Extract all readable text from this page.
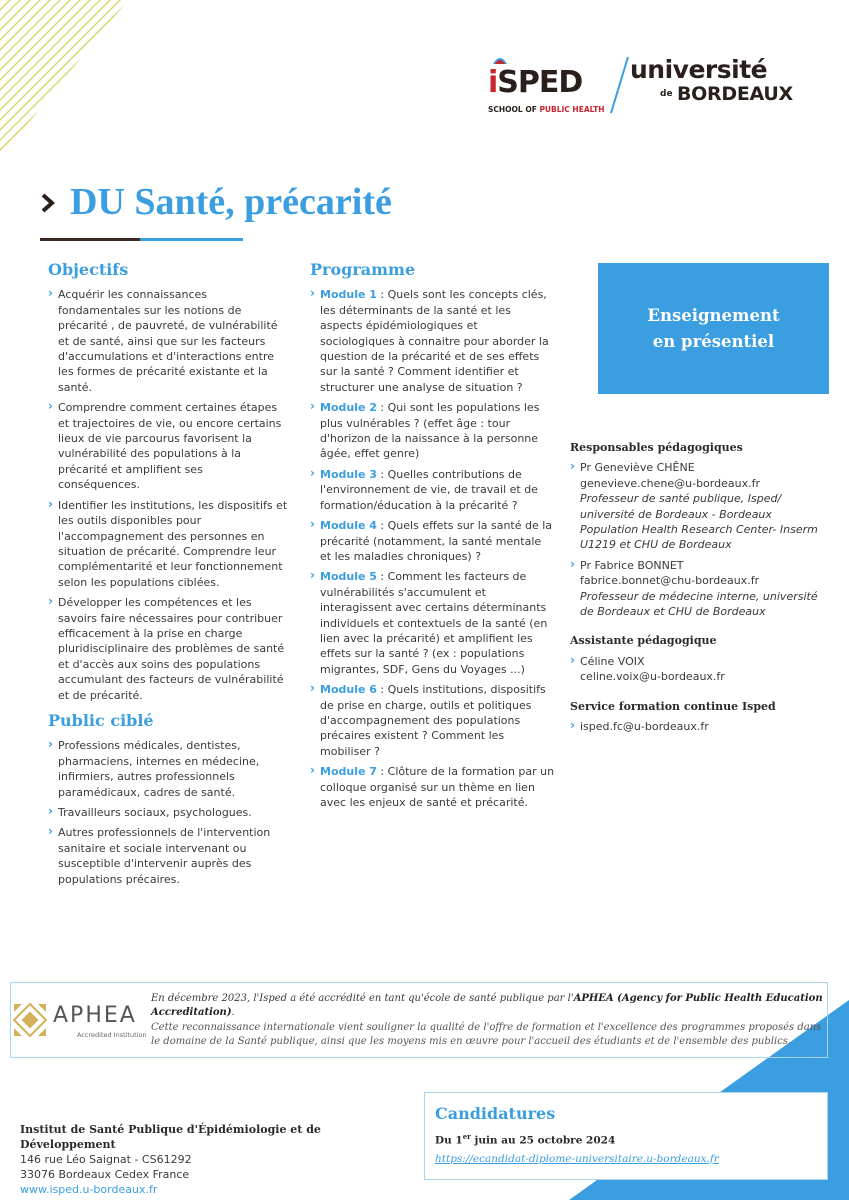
iSPED
SCHOOL OF PUBLIC HEALTH
université
de BORDEAUX
DU Santé, précarité
Objectifs

› Acquérir les connaissances fondamentales sur les notions de précarité , de pauvreté, de vulnérabilité et de santé, ainsi que sur les facteurs d'accumulations et d'interactions entre les formes de précarité existante et la santé.

› Comprendre comment certaines étapes et trajectoires de vie, ou encore certains lieux de vie parcourus favorisent la vulnérabilité des populations à la précarité et amplifient ses conséquences.

› Identifier les institutions, les dispositifs et les outils disponibles pour l'accompagnement des personnes en situation de précarité. Comprendre leur complémentarité et leur fonctionnement selon les populations ciblées.

› Développer les compétences et les savoirs faire nécessaires pour contribuer efficacement à la prise en charge pluridisciplinaire des problèmes de santé et d'accès aux soins des populations accumulant des facteurs de vulnérabilité et de précarité.

Public ciblé

› Professions médicales, dentistes, pharmaciens, internes en médecine, infirmiers, autres professionnels paramédicaux, cadres de santé.

› Travailleurs sociaux, psychologues.

› Autres professionnels de l'intervention sanitaire et sociale intervenant ou susceptible d'intervenir auprès des populations précaires.

Programme

› Module 1 : Quels sont les concepts clés, les déterminants de la santé et les aspects épidémiologiques et sociologiques à connaitre pour aborder la question de la précarité et de ses effets sur la santé ? Comment identifier et structurer une analyse de situation ?

› Module 2 : Qui sont les populations les plus vulnérables ? (effet âge : tour d'horizon de la naissance à la personne âgée, effet genre)

› Module 3 : Quelles contributions de l'environnement de vie, de travail et de formation/éducation à la précarité ?

› Module 4 : Quels effets sur la santé de la précarité (notamment, la santé mentale et les maladies chroniques) ?

› Module 5 : Comment les facteurs de vulnérabilités s'accumulent et interagissent avec certains déterminants individuels et contextuels de la santé (en lien avec la précarité) et amplifient les effets sur la santé ? (ex : populations migrantes, SDF, Gens du Voyages ...)

› Module 6 : Quels institutions, dispositifs de prise en charge, outils et politiques d'accompagnement des populations précaires existent ? Comment les mobiliser ?

› Module 7 : Clôture de la formation par un colloque organisé sur un thème en lien avec les enjeux de santé et précarité.

Enseignement
en présentiel
Responsables pédagogiques

› Pr Geneviève CHÊNE
genevieve.chene@u-bordeaux.fr
Professeur de santé publique, Isped/ université de Bordeaux - Bordeaux Population Health Research Center- Inserm U1219 et CHU de Bordeaux

› Pr Fabrice BONNET
fabrice.bonnet@chu-bordeaux.fr
Professeur de médecine interne, université de Bordeaux et CHU de Bordeaux

Assistante pédagogique

› Céline VOIX
celine.voix@u-bordeaux.fr

Service formation continue Isped

› isped.fc@u-bordeaux.fr

APHEA
Accredited Institution
En décembre 2023, l'Isped a été accrédité en tant qu'école de santé publique par l'APHEA (Agency for Public Health Education Accreditation).
Cette reconnaissance internationale vient souligner la qualité de l'offre de formation et l'excellence des programmes proposés dans le domaine de la Santé publique, ainsi que les moyens mis en œuvre pour l'accueil des étudiants et de l'ensemble des publics.
Institut de Santé Publique d'Épidémiologie et de Développement
146 rue Léo Saignat - CS61292
33076 Bordeaux Cedex France
www.isped.u-bordeaux.fr
Candidatures
Du 1er juin au 25 octobre 2024
https://ecandidat-diplome-universitaire.u-bordeaux.fr
